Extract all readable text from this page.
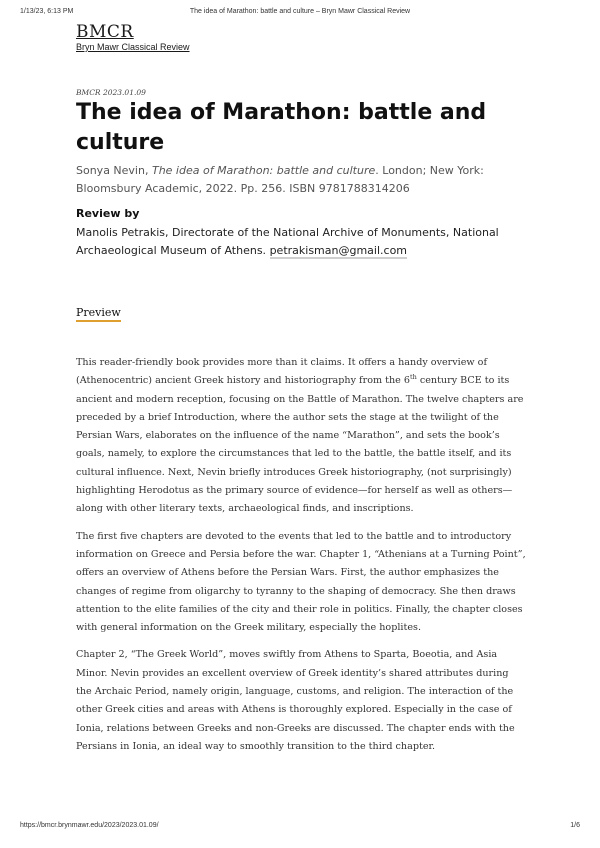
1/13/23, 6:13 PM	The idea of Marathon: battle and culture – Bryn Mawr Classical Review
BMCR
Bryn Mawr Classical Review
BMCR 2023.01.09
The idea of Marathon: battle and culture
Sonya Nevin, The idea of Marathon: battle and culture. London; New York: Bloomsbury Academic, 2022. Pp. 256. ISBN 9781788314206
Review by
Manolis Petrakis, Directorate of the National Archive of Monuments, National Archaeological Museum of Athens. petrakisman@gmail.com
Preview

This reader-friendly book provides more than it claims. It offers a handy overview of (Athenocentric) ancient Greek history and historiography from the 6th century BCE to its ancient and modern reception, focusing on the Battle of Marathon. The twelve chapters are preceded by a brief Introduction, where the author sets the stage at the twilight of the Persian Wars, elaborates on the influence of the name “Marathon”, and sets the book’s goals, namely, to explore the circumstances that led to the battle, the battle itself, and its cultural influence. Next, Nevin briefly introduces Greek historiography, (not surprisingly) highlighting Herodotus as the primary source of evidence—for herself as well as others—along with other literary texts, archaeological finds, and inscriptions.

The first five chapters are devoted to the events that led to the battle and to introductory information on Greece and Persia before the war. Chapter 1, “Athenians at a Turning Point”, offers an overview of Athens before the Persian Wars. First, the author emphasizes the changes of regime from oligarchy to tyranny to the shaping of democracy. She then draws attention to the elite families of the city and their role in politics. Finally, the chapter closes with general information on the Greek military, especially the hoplites.

Chapter 2, “The Greek World”, moves swiftly from Athens to Sparta, Boeotia, and Asia Minor. Nevin provides an excellent overview of Greek identity’s shared attributes during the Archaic Period, namely origin, language, customs, and religion. The interaction of the other Greek cities and areas with Athens is thoroughly explored. Especially in the case of Ionia, relations between Greeks and non-Greeks are discussed. The chapter ends with the Persians in Ionia, an ideal way to smoothly transition to the third chapter.

https://bmcr.brynmawr.edu/2023/2023.01.09/	1/6
